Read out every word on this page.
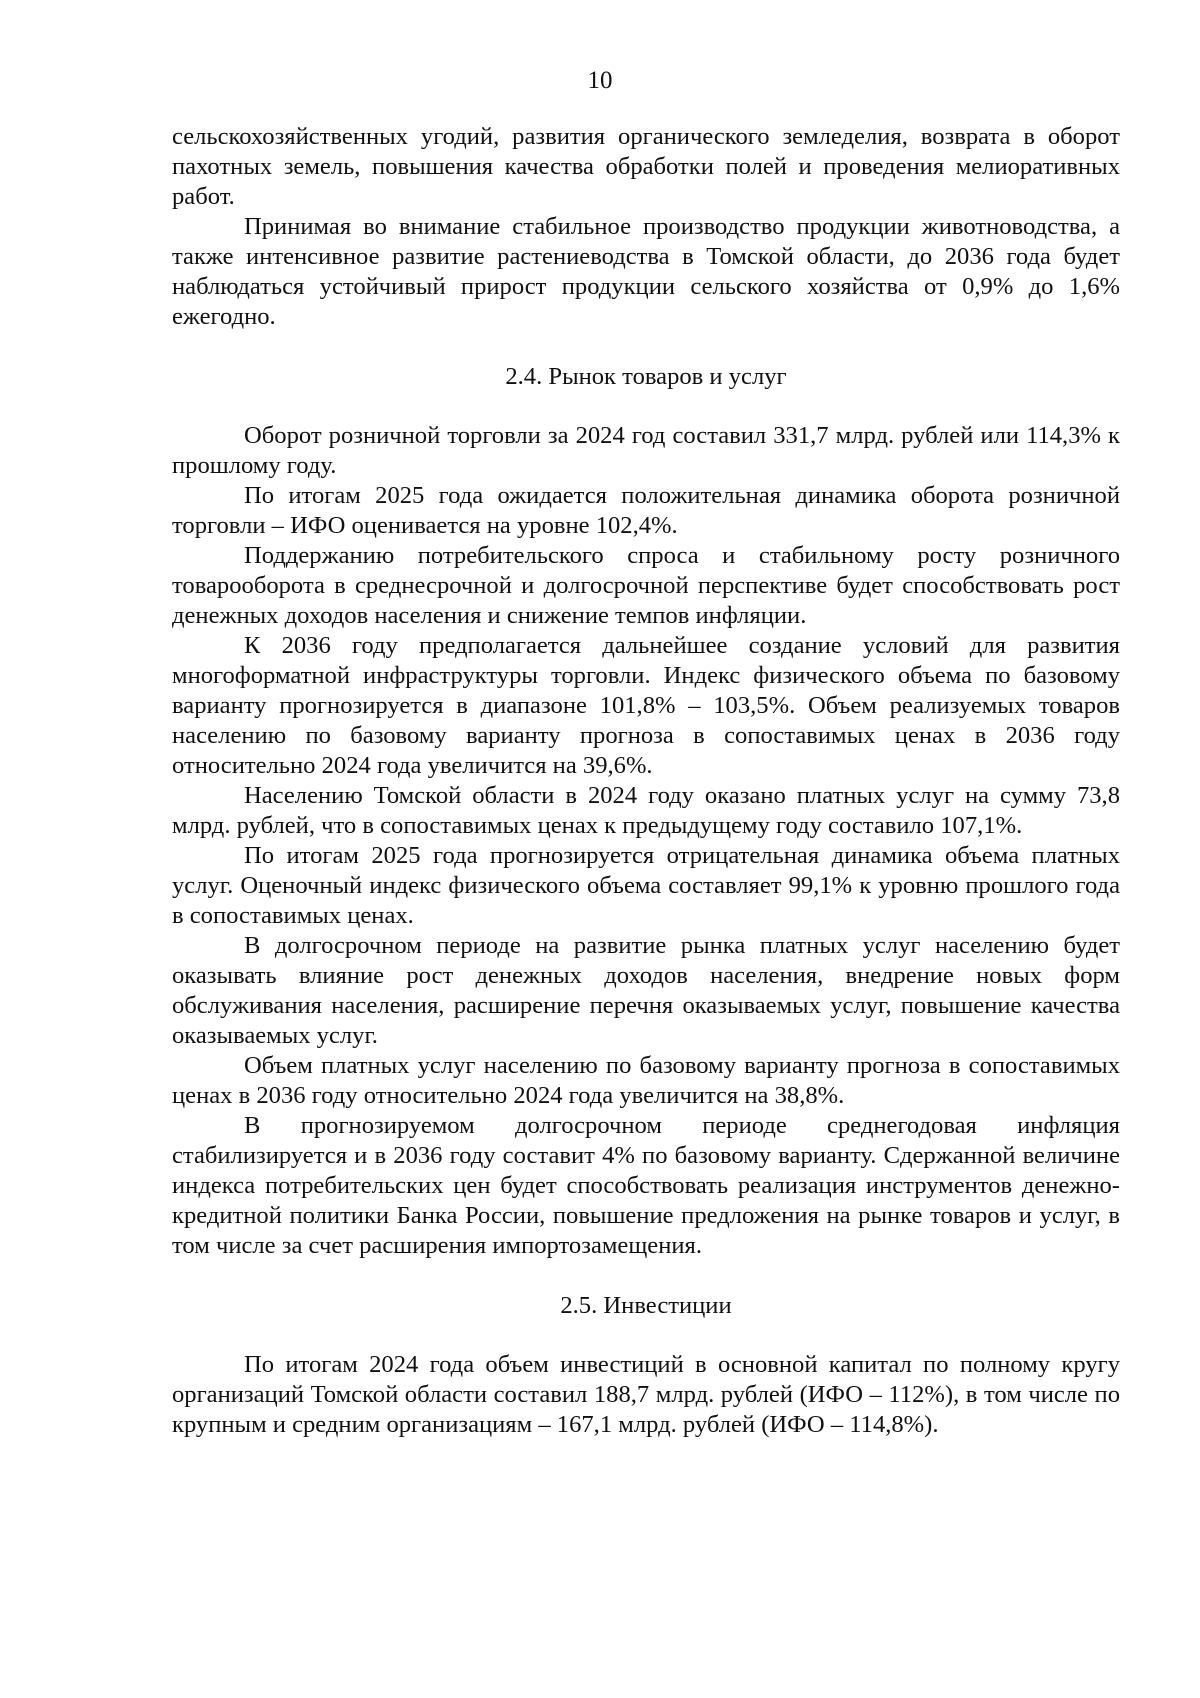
10

сельскохозяйственных угодий, развития органического земледелия, возврата в оборот пахотных земель, повышения качества обработки полей и проведения мелиоративных работ.

Принимая во внимание стабильное производство продукции животноводства, а также интенсивное развитие растениеводства в Томской области, до 2036 года будет наблюдаться устойчивый прирост продукции сельского хозяйства от 0,9% до 1,6% ежегодно.

2.4. Рынок товаров и услуг

Оборот розничной торговли за 2024 год составил 331,7 млрд. рублей или 114,3% к прошлому году.

По итогам 2025 года ожидается положительная динамика оборота розничной торговли – ИФО оценивается на уровне 102,4%.

Поддержанию потребительского спроса и стабильному росту розничного товарооборота в среднесрочной и долгосрочной перспективе будет способствовать рост денежных доходов населения и снижение темпов инфляции.

К 2036 году предполагается дальнейшее создание условий для развития многоформатной инфраструктуры торговли. Индекс физического объема по базовому варианту прогнозируется в диапазоне 101,8% – 103,5%. Объем реализуемых товаров населению по базовому варианту прогноза в сопоставимых ценах в 2036 году относительно 2024 года увеличится на 39,6%.

Населению Томской области в 2024 году оказано платных услуг на сумму 73,8 млрд. рублей, что в сопоставимых ценах к предыдущему году составило 107,1%.

По итогам 2025 года прогнозируется отрицательная динамика объема платных услуг. Оценочный индекс физического объема составляет 99,1% к уровню прошлого года в сопоставимых ценах.

В долгосрочном периоде на развитие рынка платных услуг населению будет оказывать влияние рост денежных доходов населения, внедрение новых форм обслуживания населения, расширение перечня оказываемых услуг, повышение качества оказываемых услуг.

Объем платных услуг населению по базовому варианту прогноза в сопоставимых ценах в 2036 году относительно 2024 года увеличится на 38,8%.

В прогнозируемом долгосрочном периоде среднегодовая инфляция стабилизируется и в 2036 году составит 4% по базовому варианту. Сдержанной величине индекса потребительских цен будет способствовать реализация инструментов денежно-кредитной политики Банка России, повышение предложения на рынке товаров и услуг, в том числе за счет расширения импортозамещения.

2.5. Инвестиции

По итогам 2024 года объем инвестиций в основной капитал по полному кругу организаций Томской области составил 188,7 млрд. рублей (ИФО – 112%), в том числе по крупным и средним организациям – 167,1 млрд. рублей (ИФО – 114,8%).
